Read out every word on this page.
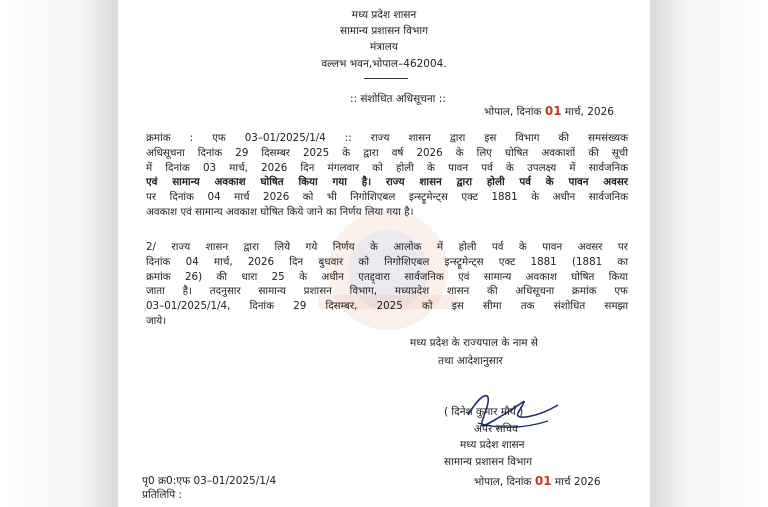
मध्य प्रदेश शासन
सामान्य प्रशासन विभाग
मंत्रालय
वल्लभ भवन,भोपाल–462004.
:: संशोधित अधिसूचना ::
भोपाल, दिनांक 01 मार्च, 2026
क्रमांक : एफ 03–01/2025/1/4 :: राज्य शासन द्वारा इस विभाग की समसंख्यक
अधिसूचना दिनांक 29 दिसम्बर 2025 के द्वारा वर्ष 2026 के लिए घोषित अवकाशों की सूची
में दिनांक 03 मार्च, 2026 दिन मंगलवार को होली के पावन पर्व के उपलक्ष्य में सार्वजनिक
एवं सामान्य अवकाश घोषित किया गया है। राज्य शासन द्वारा होली पर्व के पावन अवसर
पर दिनांक 04 मार्च 2026 को भी निगोशिएबल इन्स्ट्रूमेन्ट्स एक्ट 1881 के अधीन सार्वजनिक
अवकाश एवं सामान्य अवकाश घोषित किये जाने का निर्णय लिया गया है।
2/ राज्य शासन द्वारा लिये गये निर्णय के आलोक में होली पर्व के पावन अवसर पर
दिनांक 04 मार्च, 2026 दिन बुधवार को निगोशिएबल इन्स्ट्रूमेन्ट्स एक्ट 1881 (1881 का
क्रमांक 26) की धारा 25 के अधीन एतद्द्वारा सार्वजनिक एवं सामान्य अवकाश घोषित किया
जाता है। तदनुसार सामान्य प्रशासन विभाग, मध्यप्रदेश शासन की अधिसूचना क्रमांक एफ
03–01/2025/1/4, दिनांक 29 दिसम्बर, 2025 को इस सीमा तक संशोधित समझा
जाये।
मध्य प्रदेश के राज्यपाल के नाम से
तथा आदेशानुसार
( दिनेश कुमार मौर्य )
अपर सचिव
मध्य प्रदेश शासन
सामान्य प्रशासन विभाग
पृ0 क्र0:एफ 03–01/2025/1/4
प्रतिलिपि :
भोपाल, दिनांक 01 मार्च 2026
